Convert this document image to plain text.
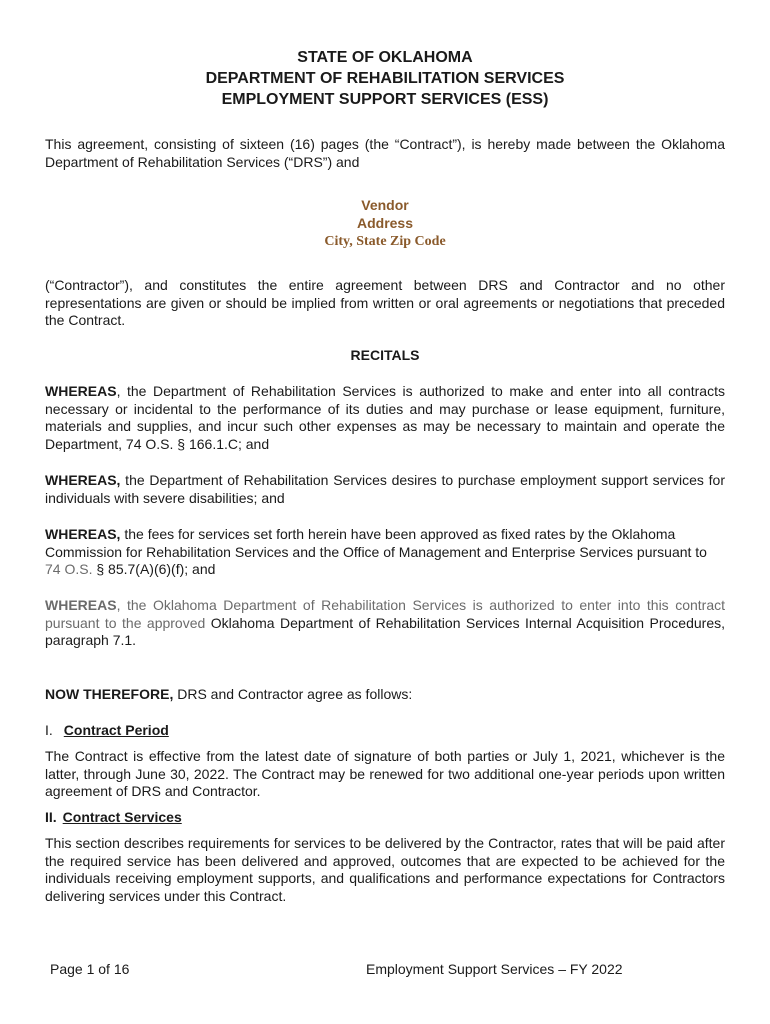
STATE OF OKLAHOMA
DEPARTMENT OF REHABILITATION SERVICES
EMPLOYMENT SUPPORT SERVICES (ESS)
This agreement, consisting of sixteen (16) pages (the “Contract”), is hereby made between the Oklahoma Department of Rehabilitation Services (“DRS”) and
Vendor
Address
City, State Zip Code
(“Contractor”), and constitutes the entire agreement between DRS and Contractor and no other representations are given or should be implied from written or oral agreements or negotiations that preceded the Contract.
RECITALS
WHEREAS, the Department of Rehabilitation Services is authorized to make and enter into all contracts necessary or incidental to the performance of its duties and may purchase or lease equipment, furniture, materials and supplies, and incur such other expenses as may be necessary to maintain and operate the Department, 74 O.S. § 166.1.C; and
WHEREAS, the Department of Rehabilitation Services desires to purchase employment support services for individuals with severe disabilities; and
WHEREAS, the fees for services set forth herein have been approved as fixed rates by the Oklahoma Commission for Rehabilitation Services and the Office of Management and Enterprise Services pursuant to 74 O.S. § 85.7(A)(6)(f); and
WHEREAS, the Oklahoma Department of Rehabilitation Services is authorized to enter into this contract pursuant to the approved Oklahoma Department of Rehabilitation Services Internal Acquisition Procedures, paragraph 7.1.
NOW THEREFORE, DRS and Contractor agree as follows:
I. Contract Period
The Contract is effective from the latest date of signature of both parties or July 1, 2021, whichever is the latter, through June 30, 2022. The Contract may be renewed for two additional one-year periods upon written agreement of DRS and Contractor.
II. Contract Services
This section describes requirements for services to be delivered by the Contractor, rates that will be paid after the required service has been delivered and approved, outcomes that are expected to be achieved for the individuals receiving employment supports, and qualifications and performance expectations for Contractors delivering services under this Contract.
Page 1 of 16	Employment Support Services – FY 2022
